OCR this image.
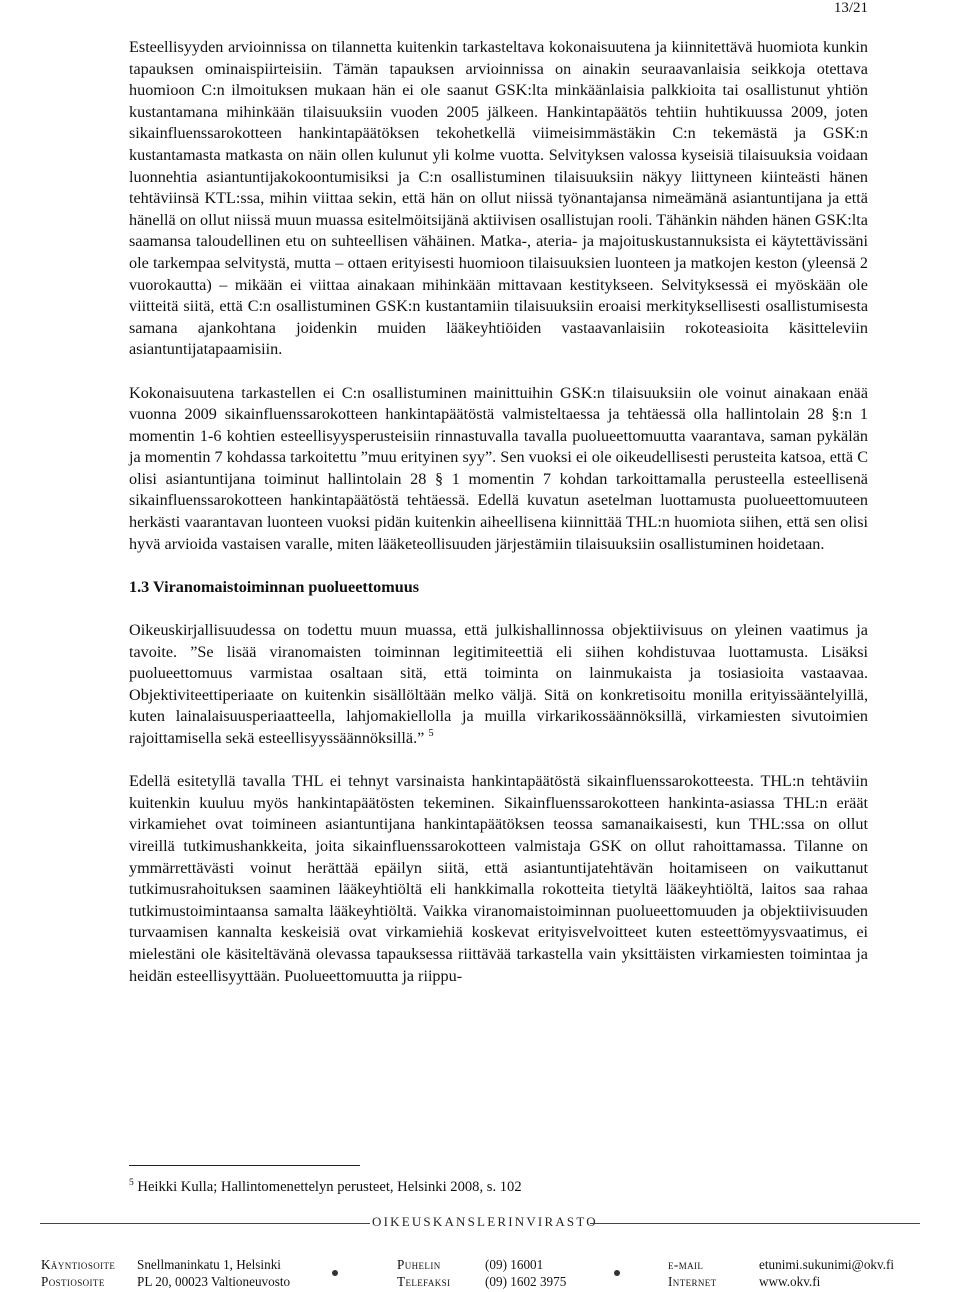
13/21

Esteellisyyden arvioinnissa on tilannetta kuitenkin tarkasteltava kokonaisuutena ja kiinnitettävä huomiota kunkin tapauksen ominaispiirteisiin. Tämän tapauksen arvioinnissa on ainakin seuraavanlaisia seikkoja otettava huomioon C:n ilmoituksen mukaan hän ei ole saanut GSK:lta minkäänlaisia palkkioita tai osallistunut yhtiön kustantamana mihinkään tilaisuuksiin vuoden 2005 jälkeen. Hankintapäätös tehtiin huhtikuussa 2009, joten sikainfluenssarokotteen hankintapäätöksen tekohetkellä viimeisimmästäkin C:n tekemästä ja GSK:n kustantamasta matkasta on näin ollen kulunut yli kolme vuotta. Selvityksen valossa kyseisiä tilaisuuksia voidaan luonnehtia asiantuntijakokoontumisiksi ja C:n osallistuminen tilaisuuksiin näkyy liittyneen kiinteästi hänen tehtäviinsä KTL:ssa, mihin viittaa sekin, että hän on ollut niissä työnantajansa nimeämänä asiantuntijana ja että hänellä on ollut niissä muun muassa esitelmöitsijänä aktiivisen osallistujan rooli. Tähänkin nähden hänen GSK:lta saamansa taloudellinen etu on suhteellisen vähäinen. Matka-, ateria- ja majoituskustannuksista ei käytettävissäni ole tarkempaa selvitystä, mutta – ottaen erityisesti huomioon tilaisuuksien luonteen ja matkojen keston (yleensä 2 vuorokautta) – mikään ei viittaa ainakaan mihinkään mittavaan kestitykseen. Selvityksessä ei myöskään ole viitteitä siitä, että C:n osallistuminen GSK:n kustantamiin tilaisuuksiin eroaisi merkityksellisesti osallistumisesta samana ajankohtana joidenkin muiden lääkeyhtiöiden vastaavanlaisiin rokoteasioita käsitteleviin asiantuntijatapaamisiin.

Kokonaisuutena tarkastellen ei C:n osallistuminen mainittuihin GSK:n tilaisuuksiin ole voinut ainakaan enää vuonna 2009 sikainfluenssarokotteen hankintapäätöstä valmisteltaessa ja tehtäessä olla hallintolain 28 §:n 1 momentin 1-6 kohtien esteellisyysperusteisiin rinnastuvalla tavalla puolueettomuutta vaarantava, saman pykälän ja momentin 7 kohdassa tarkoitettu ”muu erityinen syy”. Sen vuoksi ei ole oikeudellisesti perusteita katsoa, että C olisi asiantuntijana toiminut hallintolain 28 § 1 momentin 7 kohdan tarkoittamalla perusteella esteellisenä sikainfluenssarokotteen hankintapäätöstä tehtäessä. Edellä kuvatun asetelman luottamusta puolueettomuuteen herkästi vaarantavan luonteen vuoksi pidän kuitenkin aiheellisena kiinnittää THL:n huomiota siihen, että sen olisi hyvä arvioida vastaisen varalle, miten lääketeollisuuden järjestämiin tilaisuuksiin osallistuminen hoidetaan.

1.3 Viranomaistoiminnan puolueettomuus

Oikeuskirjallisuudessa on todettu muun muassa, että julkishallinnossa objektiivisuus on yleinen vaatimus ja tavoite. ”Se lisää viranomaisten toiminnan legitimiteettiä eli siihen kohdistuvaa luottamusta. Lisäksi puolueettomuus varmistaa osaltaan sitä, että toiminta on lainmukaista ja tosiasioita vastaavaa. Objektiviteettiperiaate on kuitenkin sisällöltään melko väljä. Sitä on konkretisoitu monilla erityissääntelyillä, kuten lainalaisuusperiaatteella, lahjomakiellolla ja muilla virkarikossäännöksillä, virkamiesten sivutoimien rajoittamisella sekä esteellisyyssäännöksillä.” $^5$

Edellä esitetyllä tavalla THL ei tehnyt varsinaista hankintapäätöstä sikainfluenssarokotteesta. THL:n tehtäviin kuitenkin kuuluu myös hankintapäätösten tekeminen. Sikainfluenssarokotteen hankinta-asiassa THL:n eräät virkamiehet ovat toimineen asiantuntijana hankintapäätöksen teossa samanaikaisesti, kun THL:ssa on ollut vireillä tutkimushankkeita, joita sikainfluenssarokotteen valmistaja GSK on ollut rahoittamassa. Tilanne on ymmärrettävästi voinut herättää epäilyn siitä, että asiantuntijatehtävän hoitamiseen on vaikuttanut tutkimusrahoituksen saaminen lääkeyhtiöltä eli hankkimalla rokotteita tietyltä lääkeyhtiöltä, laitos saa rahaa tutkimustoimintaansa samalta lääkeyhtiöltä. Vaikka viranomaistoiminnan puolueettomuuden ja objektiivisuuden turvaamisen kannalta keskeisiä ovat virkamiehiä koskevat erityisvelvoitteet kuten esteettömyysvaatimus, ei mielestäni ole käsiteltävänä olevassa tapauksessa riittävää tarkastella vain yksittäisten virkamiesten toimintaa ja heidän esteellisyyttään. Puolueettomuutta ja riippu-

$^5$ Heikki Kulla; Hallintomenettelyn perusteet, Helsinki 2008, s. 102
OIKEUSKANSLERINVIRASTO
Käyntiosoite Snellmaninkatu 1, Helsinki
Postiosoite PL 20, 00023 Valtioneuvosto
Puhelin	(09) 16001
Telefaksi	(09) 1602 3975
e-mail	etunimi.sukunimi@okv.fi
Internet	www.okv.fi
